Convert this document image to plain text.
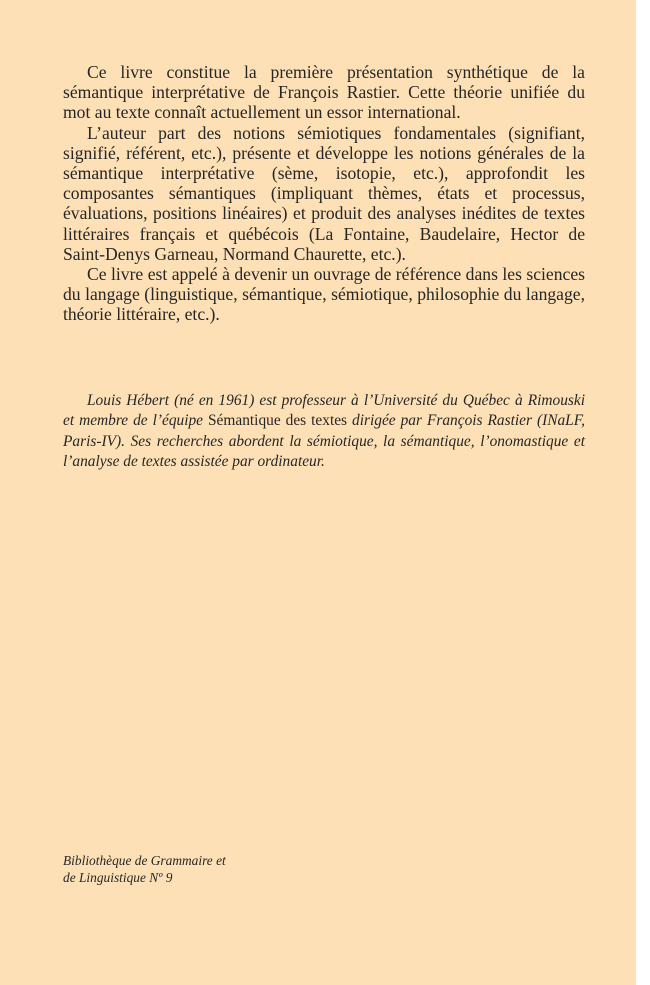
Ce livre constitue la première présentation synthétique de la sémantique interprétative de François Rastier. Cette théorie unifiée du mot au texte connaît actuellement un essor international.

L’auteur part des notions sémiotiques fondamentales (signifiant, signifié, référent, etc.), présente et développe les notions générales de la sémantique interprétative (sème, isotopie, etc.), approfondit les composantes sémantiques (impliquant thèmes, états et processus, évaluations, positions linéaires) et produit des analyses inédites de textes littéraires français et québécois (La Fontaine, Baudelaire, Hector de Saint-Denys Garneau, Normand Chaurette, etc.).

Ce livre est appelé à devenir un ouvrage de référence dans les sciences du langage (linguistique, sémantique, sémiotique, philosophie du langage, théorie littéraire, etc.).

Louis Hébert (né en 1961) est professeur à l’Université du Québec à Rimouski et membre de l’équipe Sémantique des textes dirigée par François Rastier (INaLF, Paris-IV). Ses recherches abordent la sémiotique, la sémantique, l’onomastique et l’analyse de textes assistée par ordinateur.

Bibliothèque de Grammaire et
de Linguistique Nº 9
